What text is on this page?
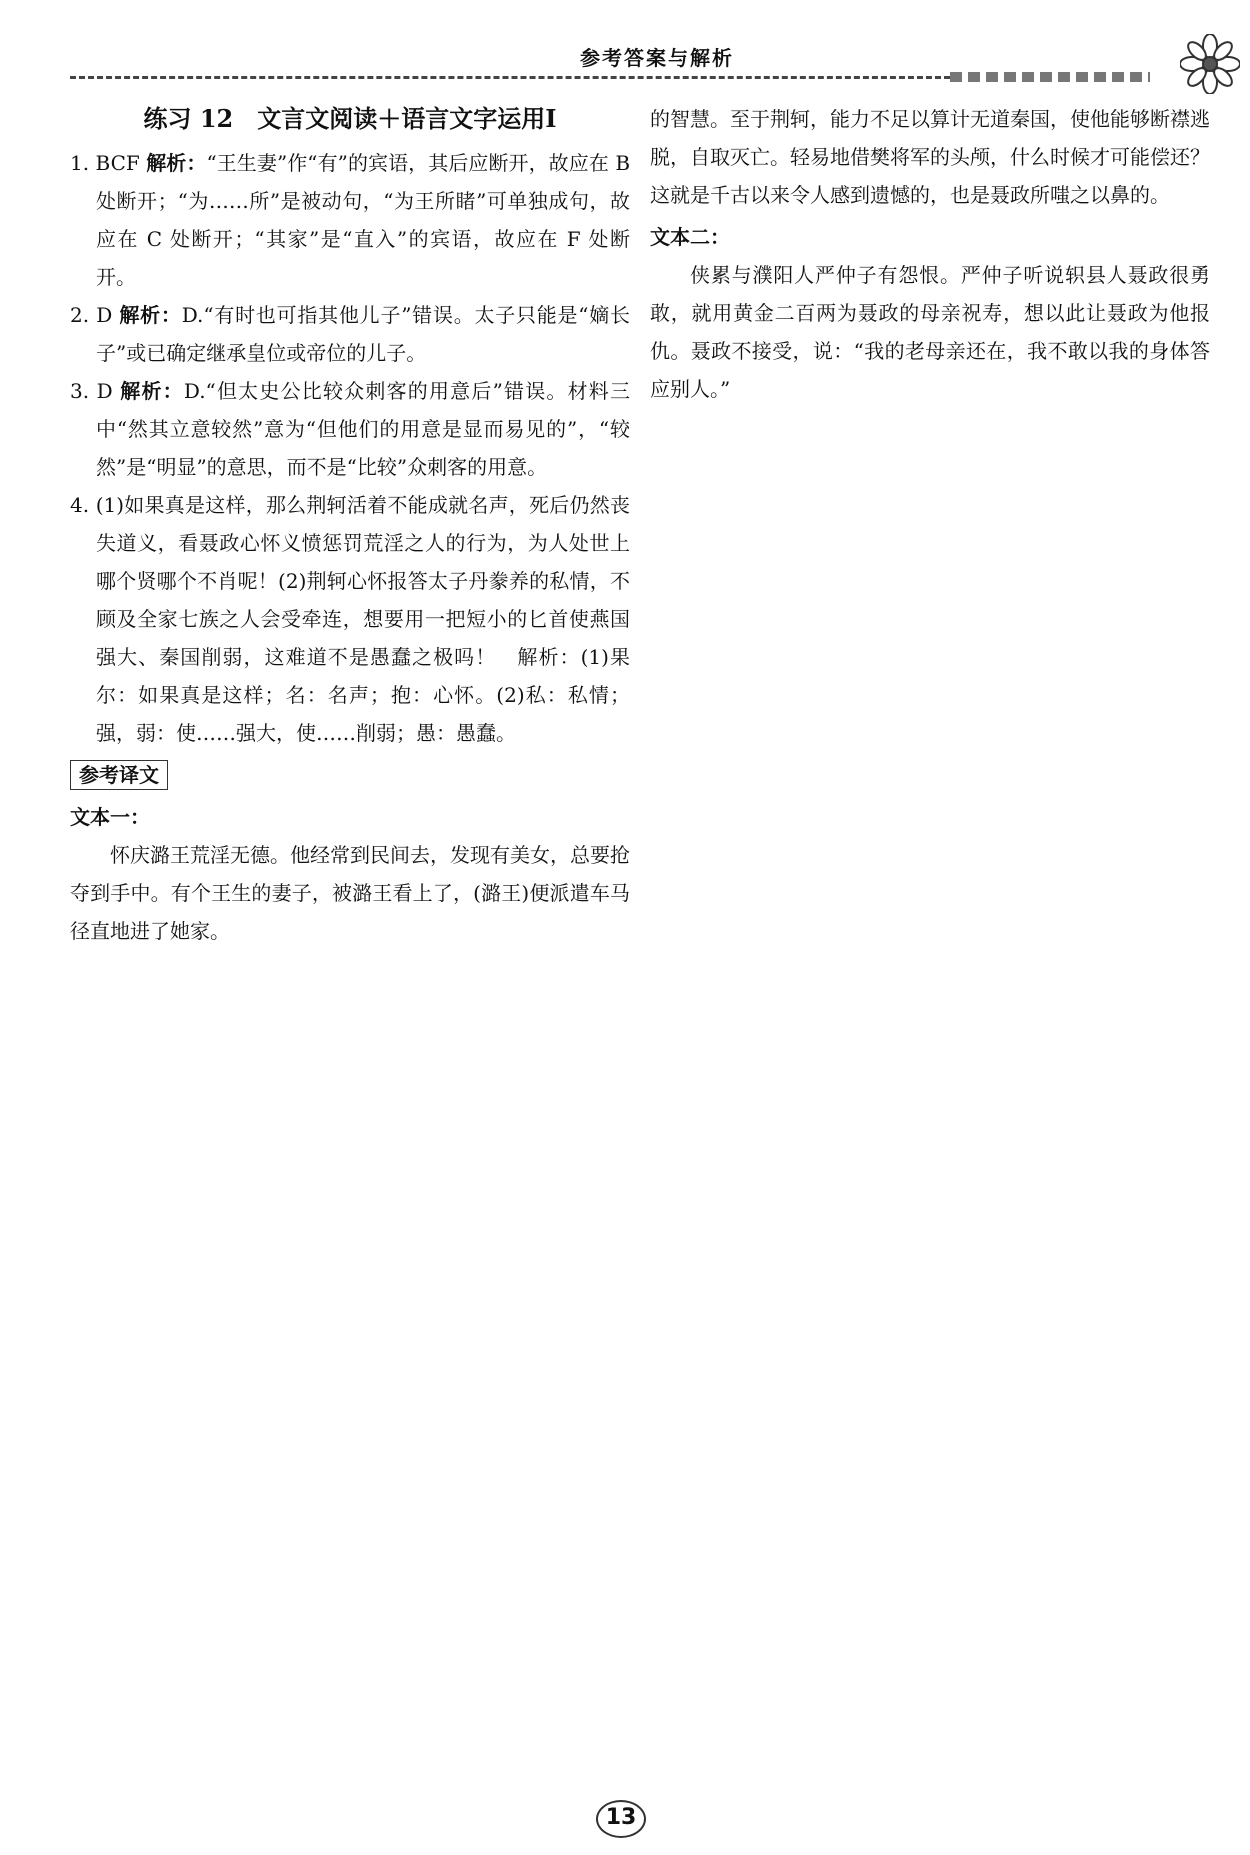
参考答案与解析

练习 12　文言文阅读＋语言文字运用Ⅰ

1. BCF 解析：“王生妻”作“有”的宾语，其后应断开，故应在 B 处断开；“为……所”是被动句，“为王所睹”可单独成句，故应在 C 处断开；“其家”是“直入”的宾语，故应在 F 处断开。

2. D 解析：D.“有时也可指其他儿子”错误。太子只能是“嫡长子”或已确定继承皇位或帝位的儿子。

3. D 解析：D.“但太史公比较众刺客的用意后”错误。材料三中“然其立意较然”意为“但他们的用意是显而易见的”，“较然”是“明显”的意思，而不是“比较”众刺客的用意。

4. (1)如果真是这样，那么荆轲活着不能成就名声，死后仍然丧失道义，看聂政心怀义愤惩罚荒淫之人的行为，为人处世上哪个贤哪个不肖呢！(2)荆轲心怀报答太子丹豢养的私情，不顾及全家七族之人会受牵连，想要用一把短小的匕首使燕国强大、秦国削弱，这难道不是愚蠢之极吗！　解析：(1)果尔：如果真是这样；名：名声；抱：心怀。(2)私：私情；强，弱：使……强大，使……削弱；愚：愚蠢。

参考译文

文本一：

怀庆潞王荒淫无德。他经常到民间去，发现有美女，总要抢夺到手中。有个王生的妻子，被潞王看上了，(潞王)便派遣车马径直地进了她家。

的智慧。至于荆轲，能力不足以算计无道秦国，使他能够断襟逃脱，自取灭亡。轻易地借樊将军的头颅，什么时候才可能偿还？这就是千古以来令人感到遗憾的，也是聂政所嗤之以鼻的。

文本二：

侠累与濮阳人严仲子有怨恨。严仲子听说轵县人聂政很勇敢，就用黄金二百两为聂政的母亲祝寿，想以此让聂政为他报仇。聂政不接受，说：“我的老母亲还在，我不敢以我的身体答应别人。”

13
